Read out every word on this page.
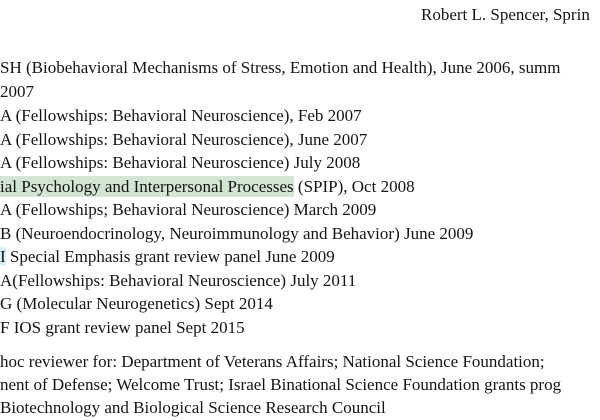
Robert L. Spencer, Sprin
SH (Biobehavioral Mechanisms of Stress, Emotion and Health), June 2006, summ
2007
A (Fellowships: Behavioral Neuroscience), Feb 2007
A (Fellowships: Behavioral Neuroscience), June 2007
A (Fellowships: Behavioral Neuroscience) July 2008
ial Psychology and Interpersonal Processes (SPIP), Oct 2008
A (Fellowships; Behavioral Neuroscience) March 2009
B (Neuroendocrinology, Neuroimmunology and Behavior) June 2009
I Special Emphasis grant review panel June 2009
A(Fellowships: Behavioral Neuroscience) July 2011
G (Molecular Neurogenetics) Sept 2014
F IOS grant review panel Sept 2015
hoc reviewer for: Department of Veterans Affairs; National Science Foundation;
nent of Defense; Welcome Trust; Israel Binational Science Foundation grants prog
Biotechnology and Biological Science Research Council
